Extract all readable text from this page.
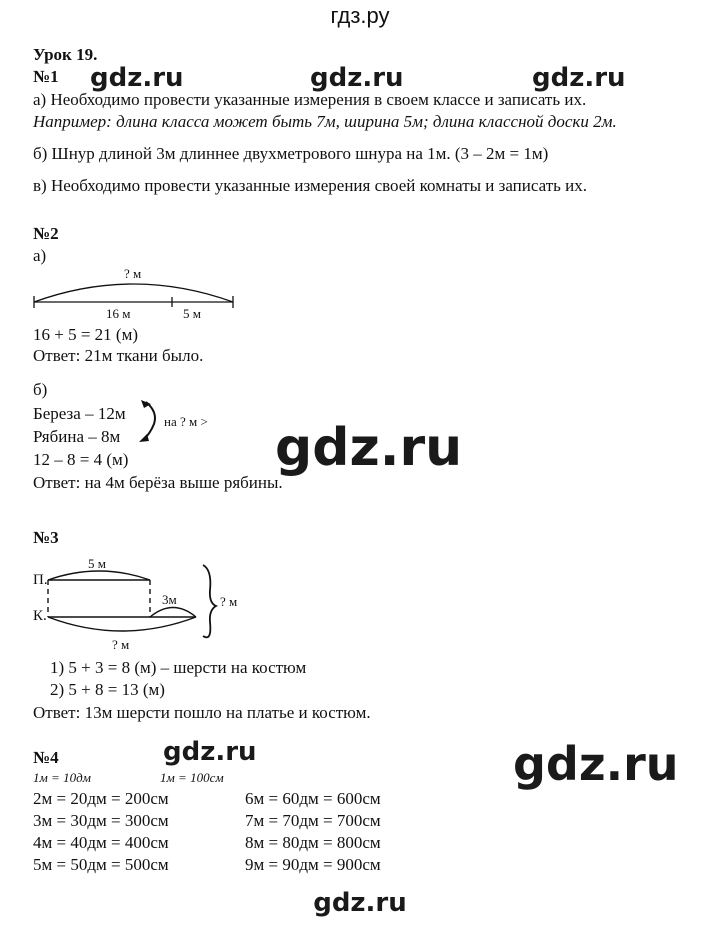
гдз.ру
gdz.ru	gdz.ru	gdz.ru
Урок 19.
№1
а) Необходимо провести указанные измерения в своем классе и записать их.
Например: длина класса может быть 7м, ширина 5м; длина классной доски 2м.
б) Шнур длиной 3м длиннее двухметрового шнура на 1м. (3 – 2м = 1м)
в) Необходимо провести указанные измерения своей комнаты и записать их.
№2
а)
? м
16 м	5 м
16 + 5 = 21 (м)
Ответ: 21м ткани было.
б)
Береза – 12м
Рябина – 8м
на ? м >
12 – 8 = 4 (м)
Ответ: на 4м берёза выше рябины.
gdz.ru
№3
5 м
П.
К.
3м
? м
? м
1) 5 + 3 = 8 (м) – шерсти на костюм
2) 5 + 8 = 13 (м)
Ответ: 13м шерсти пошло на платье и костюм.
№4	gdz.ru	gdz.ru
1м = 10дм	1м = 100см
2м = 20дм = 200см
3м = 30дм = 300см
4м = 40дм = 400см
5м = 50дм = 500см
6м = 60дм = 600см
7м = 70дм = 700см
8м = 80дм = 800см
9м = 90дм = 900см
gdz.ru
